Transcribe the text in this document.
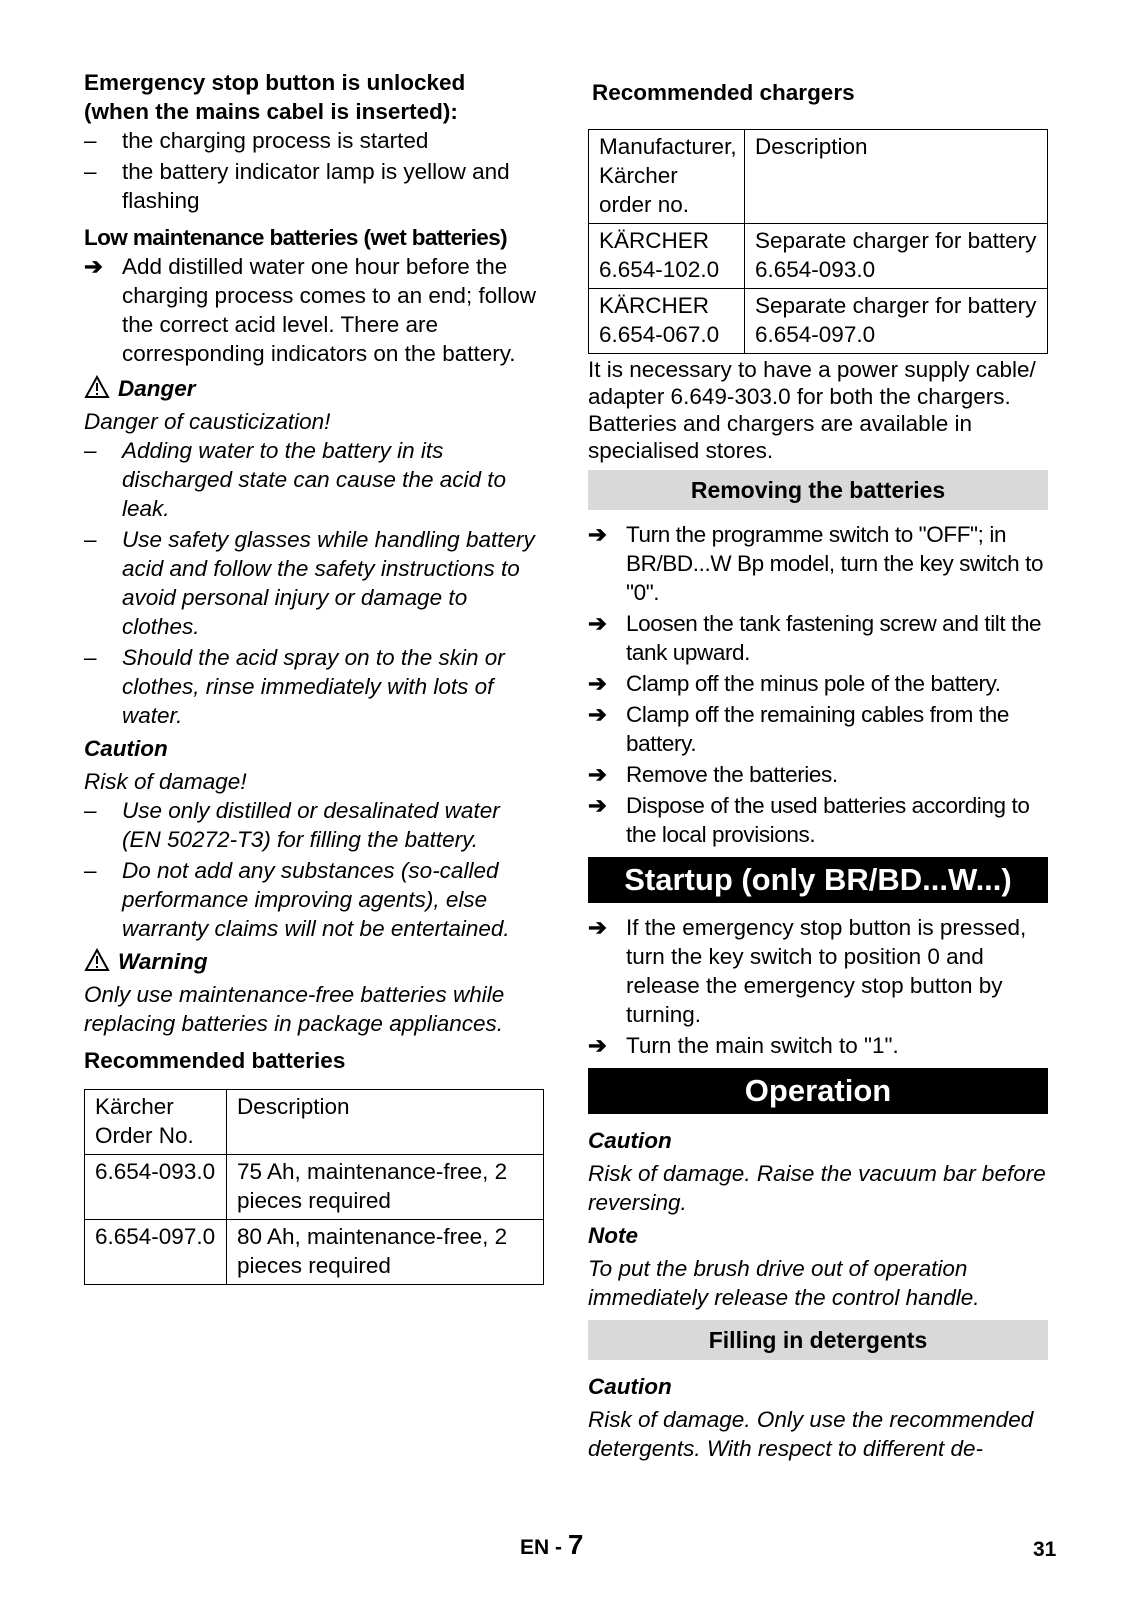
Emergency stop button is unlocked
(when the mains cabel is inserted):

– the charging process is started
– the battery indicator lamp is yellow and flashing

Low maintenance batteries (wet batteries)

➔ Add distilled water one hour before the charging process comes to an end; follow the correct acid level. There are corresponding indicators on the battery.

Danger

Danger of causticization!

– Adding water to the battery in its discharged state can cause the acid to leak.
– Use safety glasses while handling battery acid and follow the safety instructions to avoid personal injury or damage to clothes.
– Should the acid spray on to the skin or clothes, rinse immediately with lots of water.

Caution

Risk of damage!

– Use only distilled or desalinated water (EN 50272-T3) for filling the battery.
– Do not add any substances (so-called performance improving agents), else warranty claims will not be entertained.

Warning

Only use maintenance-free batteries while replacing batteries in package appliances.

Recommended batteries

Kärcher Order No.	Description
6.654-093.0	75 Ah, maintenance-free, 2 pieces required
6.654-097.0	80 Ah, maintenance-free, 2 pieces required

Recommended chargers

Manufacturer, Kärcher order no.	Description
KÄRCHER 6.654-102.0	Separate charger for battery 6.654-093.0
KÄRCHER 6.654-067.0	Separate charger for battery 6.654-097.0

It is necessary to have a power supply cable/ adapter 6.649-303.0 for both the chargers.

Batteries and chargers are available in specialised stores.

Removing the batteries
➔ Turn the programme switch to "OFF"; in BR/BD...W Bp model, turn the key switch to "0".
➔ Loosen the tank fastening screw and tilt the tank upward.
➔ Clamp off the minus pole of the battery.
➔ Clamp off the remaining cables from the battery.
➔ Remove the batteries.
➔ Dispose of the used batteries according to the local provisions.
Startup (only BR/BD...W...)
➔ If the emergency stop button is pressed, turn the key switch to position 0 and release the emergency stop button by turning.
➔ Turn the main switch to "1".
Operation

Caution

Risk of damage. Raise the vacuum bar before reversing.

Note

To put the brush drive out of operation immediately release the control handle.

Filling in detergents

Caution

Risk of damage. Only use the recommended detergents. With respect to different de-

EN - 7	31
